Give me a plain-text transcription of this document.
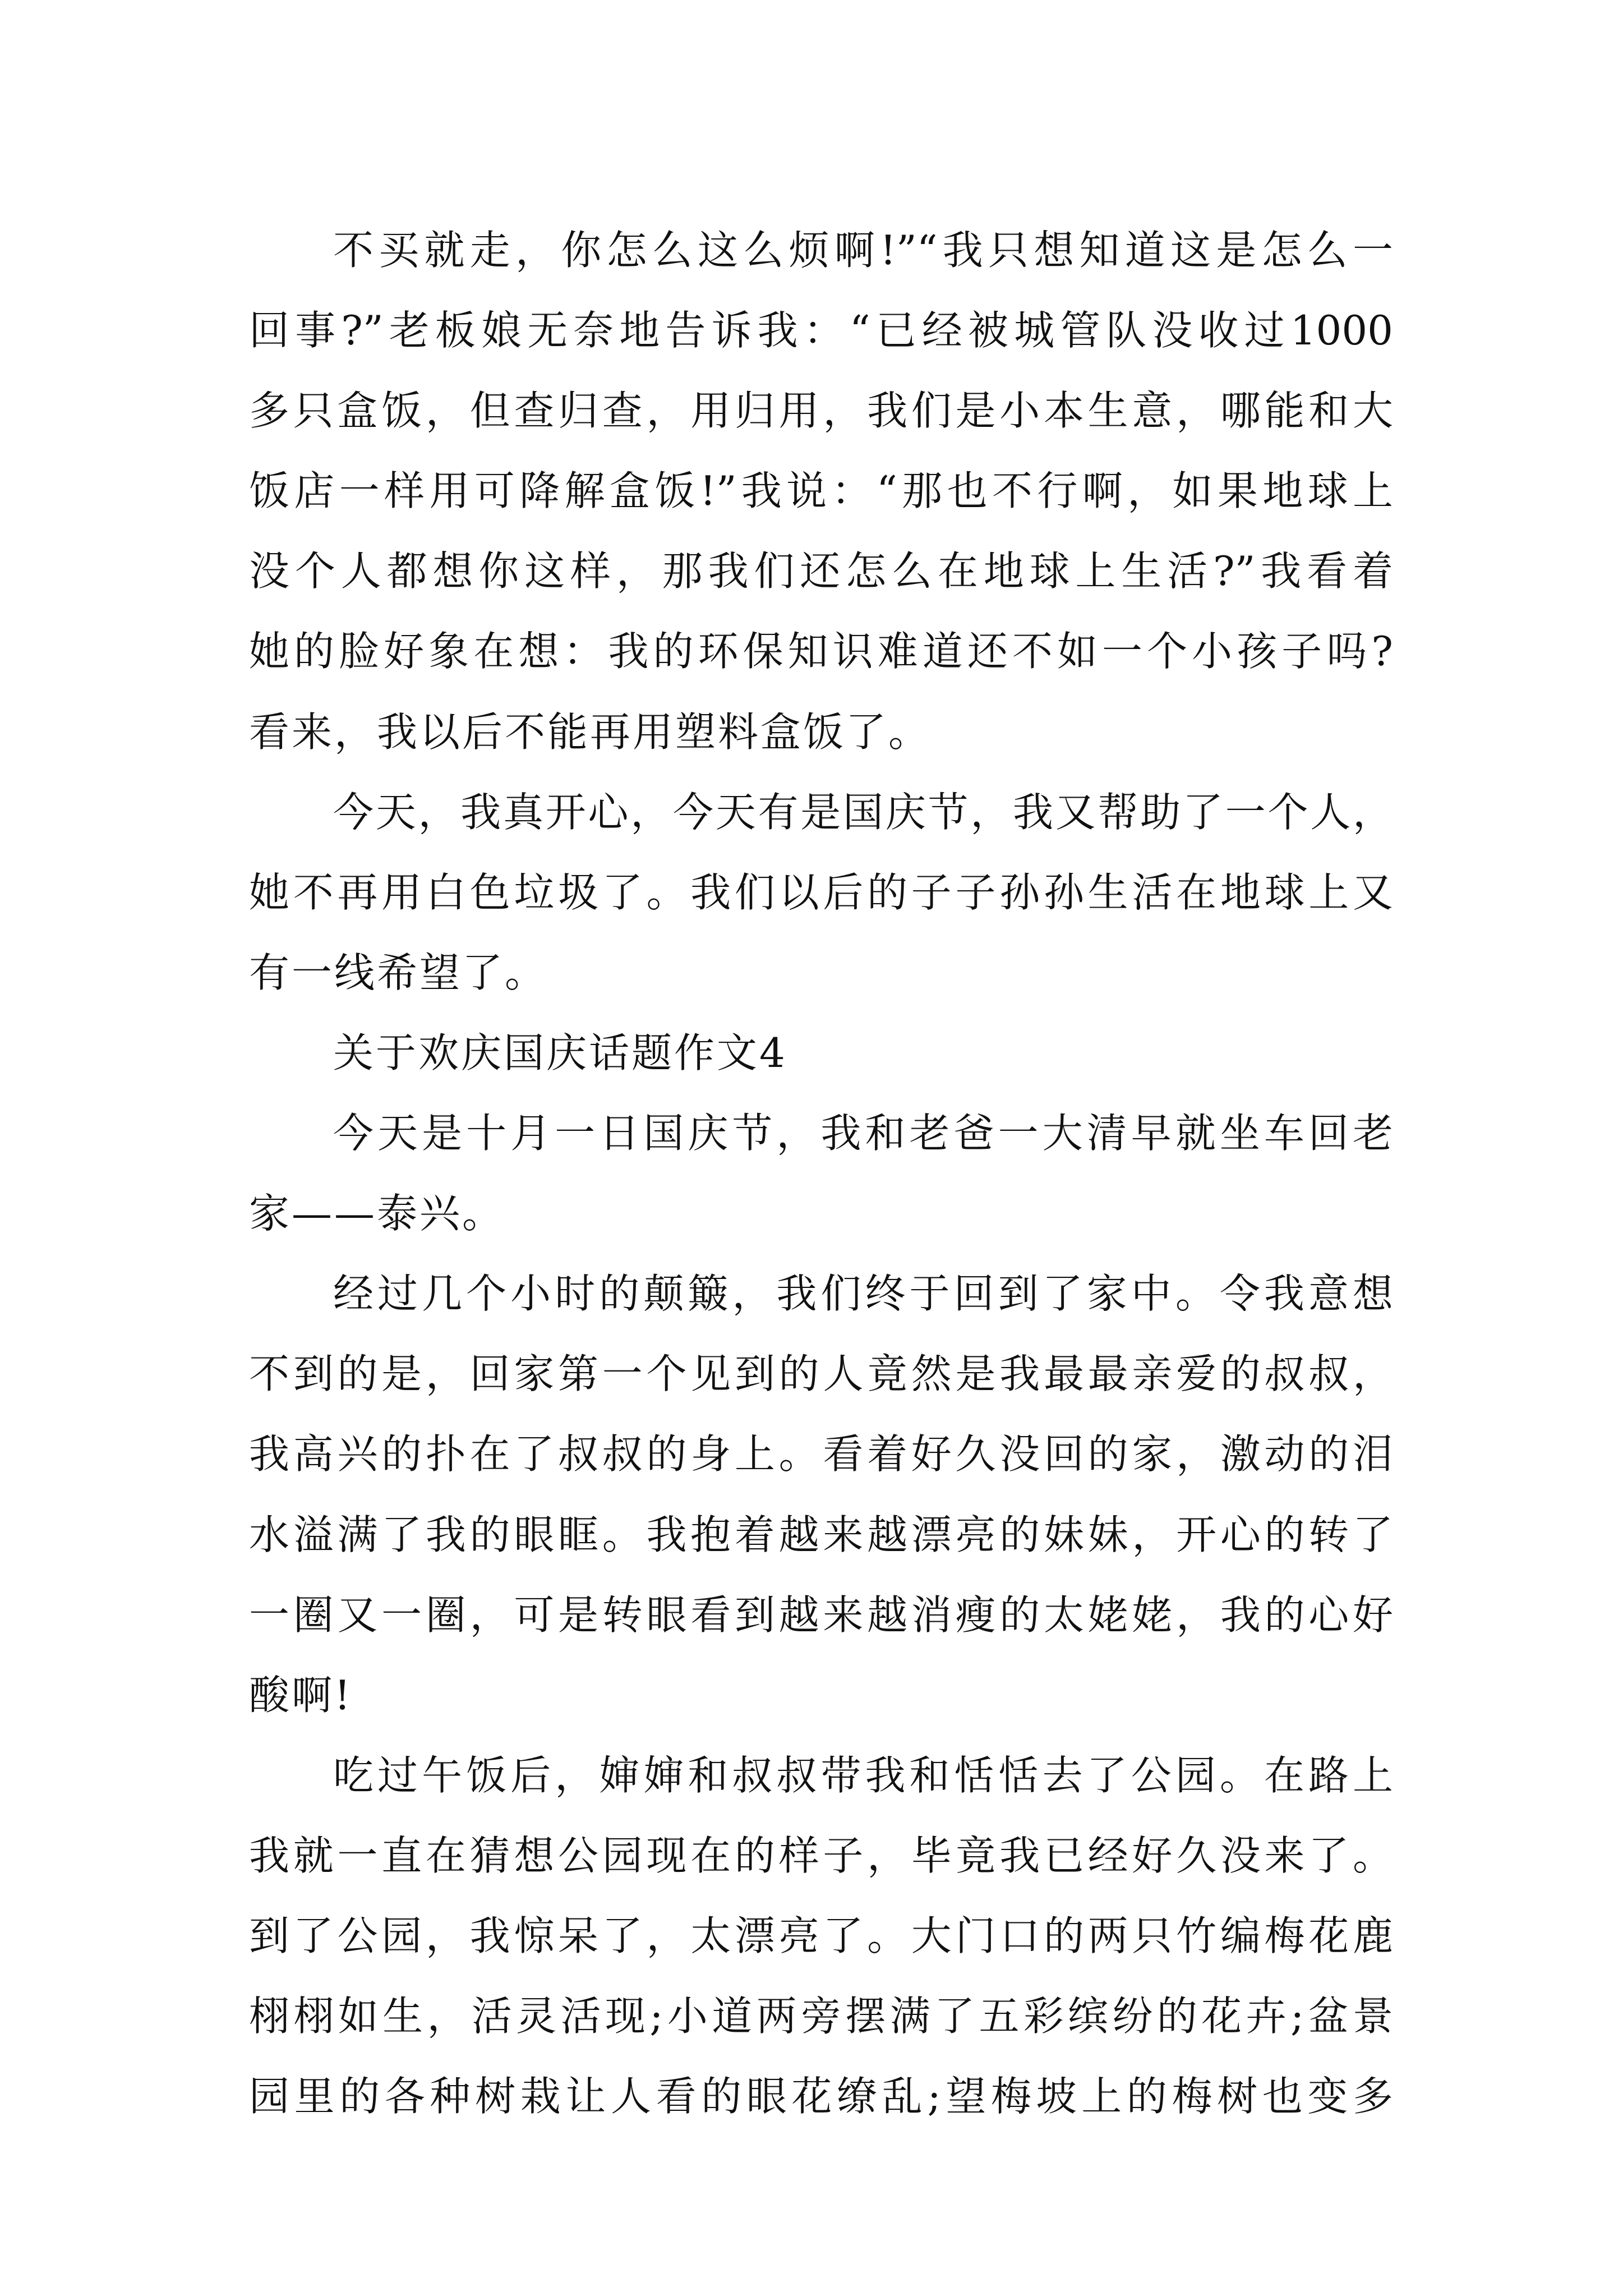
不买就走，你怎么这么烦啊!”“我只想知道这是怎么一
回事?”老板娘无奈地告诉我：“已经被城管队没收过1000
多只盒饭，但查归查，用归用，我们是小本生意，哪能和大
饭店一样用可降解盒饭!”我说：“那也不行啊，如果地球上
没个人都想你这样，那我们还怎么在地球上生活?”我看着
她的脸好象在想：我的环保知识难道还不如一个小孩子吗?
看来，我以后不能再用塑料盒饭了。
今天，我真开心，今天有是国庆节，我又帮助了一个人，
她不再用白色垃圾了。我们以后的子子孙孙生活在地球上又
有一线希望了。
关于欢庆国庆话题作文4
今天是十月一日国庆节，我和老爸一大清早就坐车回老
家——泰兴。
经过几个小时的颠簸，我们终于回到了家中。令我意想
不到的是，回家第一个见到的人竟然是我最最亲爱的叔叔，
我高兴的扑在了叔叔的身上。看着好久没回的家，激动的泪
水溢满了我的眼眶。我抱着越来越漂亮的妹妹，开心的转了
一圈又一圈，可是转眼看到越来越消瘦的太姥姥，我的心好
酸啊!
吃过午饭后，婶婶和叔叔带我和恬恬去了公园。在路上
我就一直在猜想公园现在的样子，毕竟我已经好久没来了。
到了公园，我惊呆了，太漂亮了。大门口的两只竹编梅花鹿
栩栩如生，活灵活现;小道两旁摆满了五彩缤纷的花卉;盆景
园里的各种树栽让人看的眼花缭乱;望梅坡上的梅树也变多
